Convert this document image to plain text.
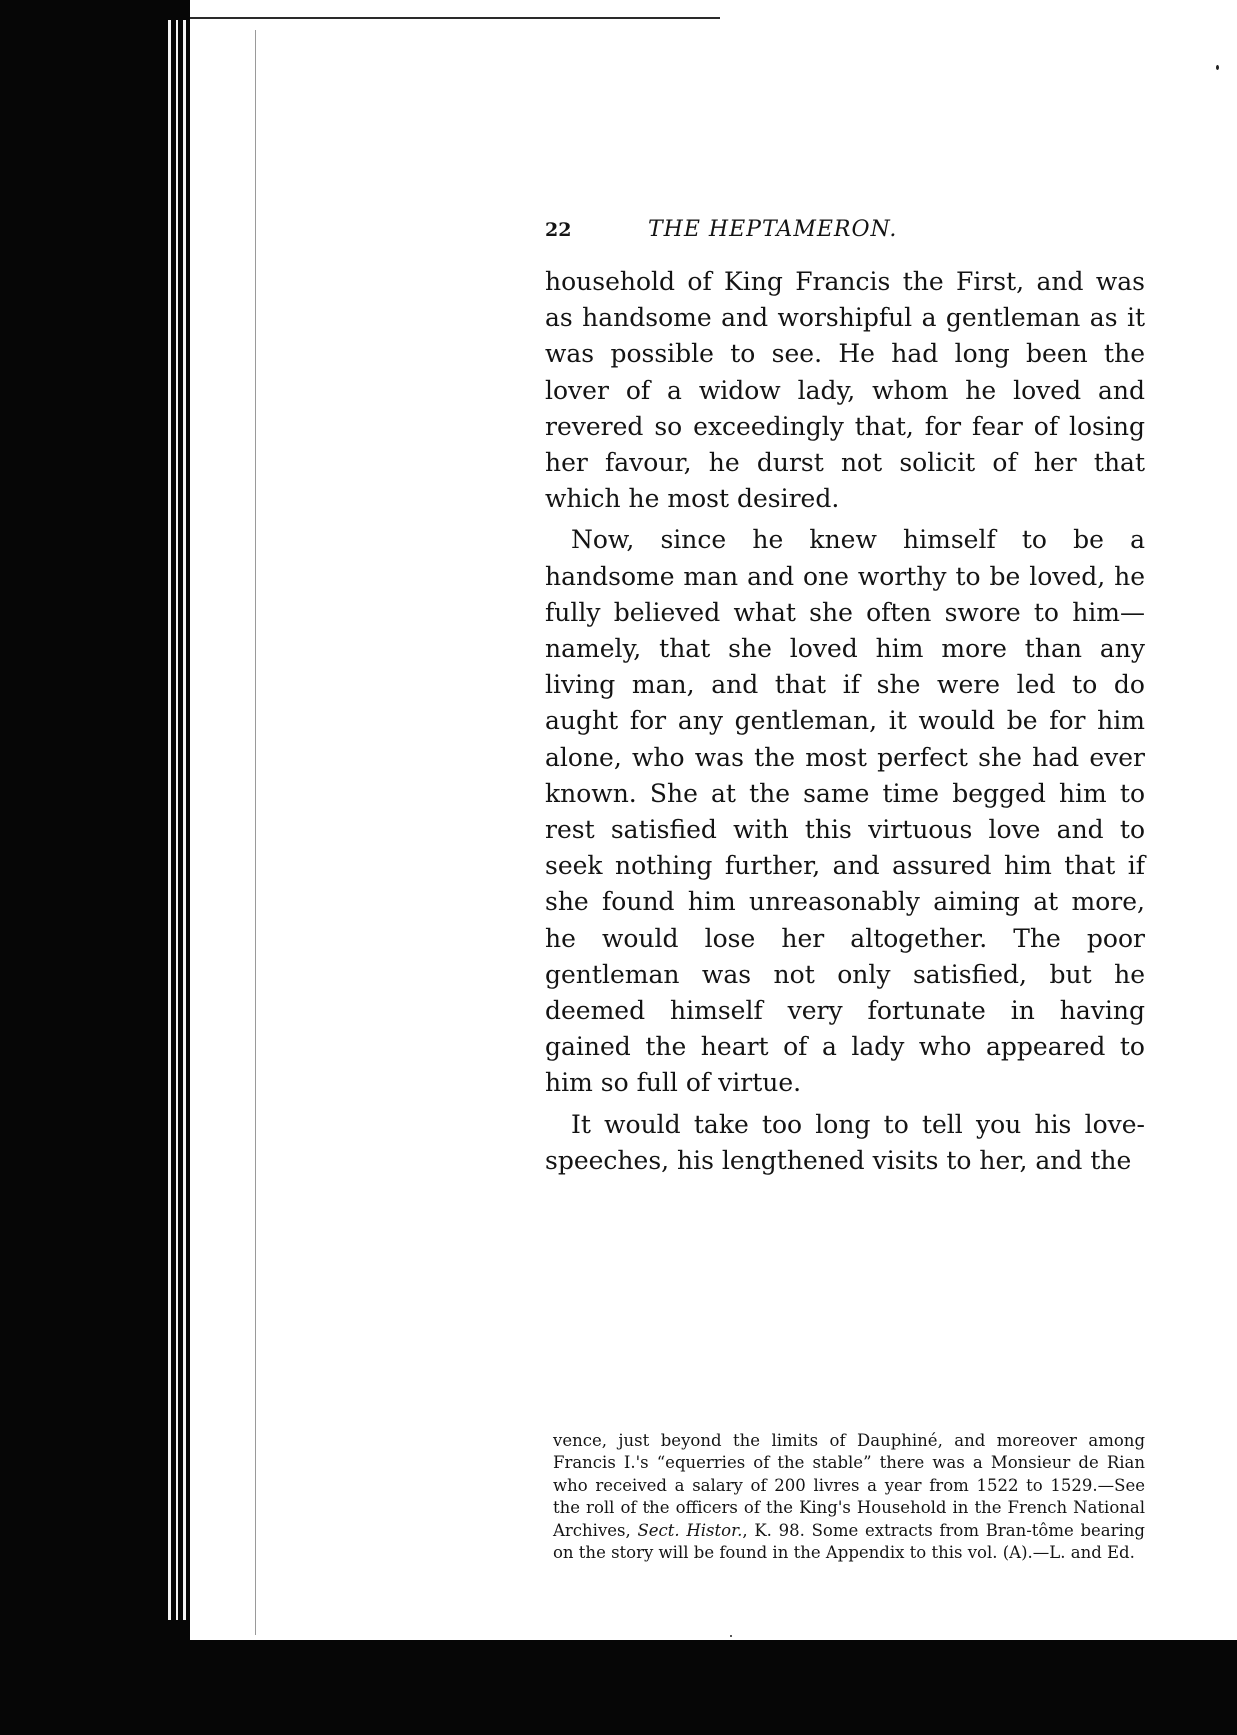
22	THE HEPTAMERON.

household of King Francis the First, and was as handsome and worshipful a gentleman as it was possible to see. He had long been the lover of a widow lady, whom he loved and revered so exceedingly that, for fear of losing her favour, he durst not solicit of her that which he most desired.

Now, since he knew himself to be a handsome man and one worthy to be loved, he fully believed what she often swore to him—namely, that she loved him more than any living man, and that if she were led to do aught for any gentleman, it would be for him alone, who was the most perfect she had ever known. She at the same time begged him to rest satisfied with this virtuous love and to seek nothing further, and assured him that if she found him unreasonably aiming at more, he would lose her altogether. The poor gentleman was not only satisfied, but he deemed himself very fortunate in having gained the heart of a lady who appeared to him so full of virtue.

It would take too long to tell you his love-speeches, his lengthened visits to her, and the

vence, just beyond the limits of Dauphiné, and moreover among Francis I.'s “equerries of the stable” there was a Monsieur de Rian who received a salary of 200 livres a year from 1522 to 1529.—See the roll of the officers of the King's Household in the French National Archives, Sect. Histor., K. 98. Some extracts from Bran-tôme bearing on the story will be found in the Appendix to this vol. (A).—L. and Ed.
